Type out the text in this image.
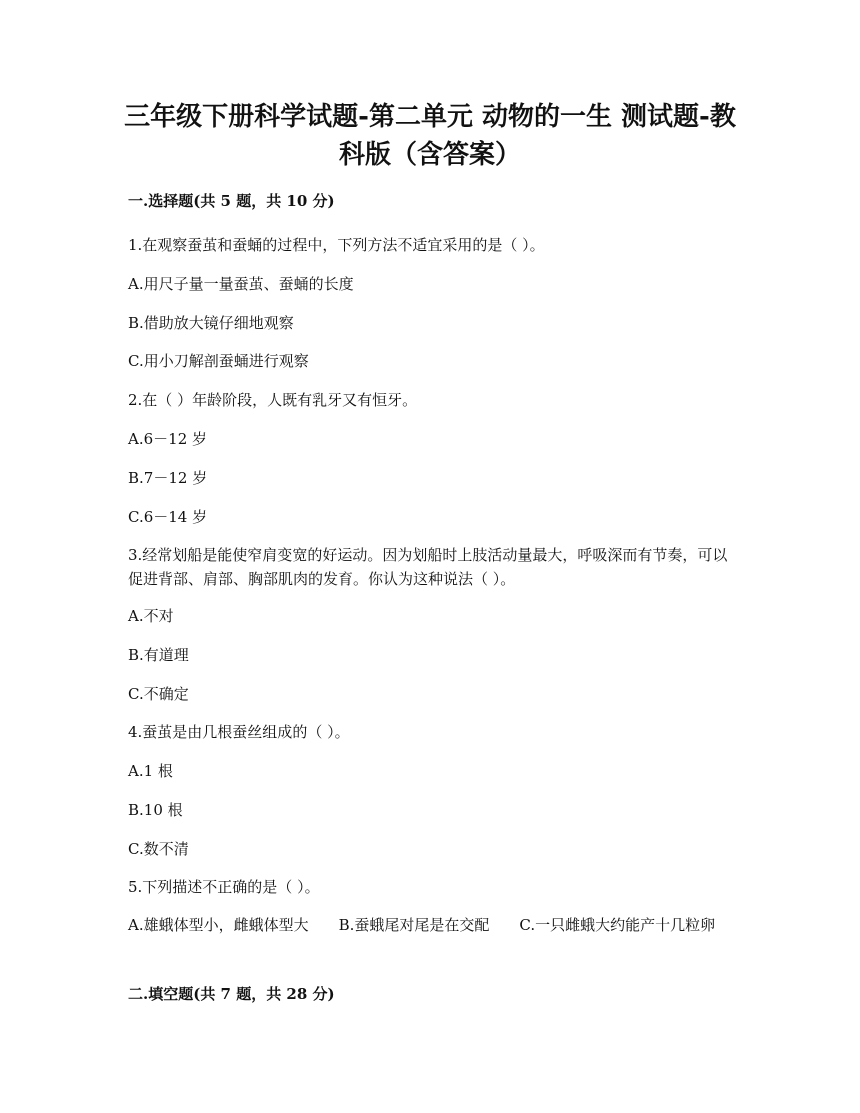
三年级下册科学试题-第二单元 动物的一生 测试题-教科版（含答案）

一.选择题(共 5 题，共 10 分)

1.在观察蚕茧和蚕蛹的过程中，下列方法不适宜采用的是（ ）。

A.用尺子量一量蚕茧、蚕蛹的长度

B.借助放大镜仔细地观察

C.用小刀解剖蚕蛹进行观察

2.在（ ）年龄阶段，人既有乳牙又有恒牙。

A.6－12 岁

B.7－12 岁

C.6－14 岁

3.经常划船是能使窄肩变宽的好运动。因为划船时上肢活动量最大，呼吸深而有节奏，可以促进背部、肩部、胸部肌肉的发育。你认为这种说法（ ）。

A.不对

B.有道理

C.不确定

4.蚕茧是由几根蚕丝组成的（ ）。

A.1 根

B.10 根

C.数不清

5.下列描述不正确的是（ ）。

A.雄蛾体型小，雌蛾体型大　　B.蚕蛾尾对尾是在交配　　C.一只雌蛾大约能产十几粒卵

二.填空题(共 7 题，共 28 分)
